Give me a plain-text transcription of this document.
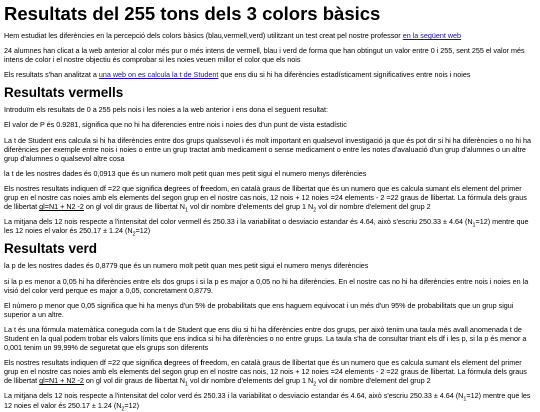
Resultats del 255 tons dels 3 colors bàsics

Hem estudiat les diferències en la percepció dels colors bàsics (blau,vermell,verd) utilitzant un test creat pel nostre professor en la següent web

24 alumnes han clicat a la web anterior al color més pur o més intens de vermell, blau i verd de forma que han obtingut un valor entre 0 i 255, sent 255 el valor més intens de color i el nostre objectiu és comprobar si les noies veuen millor el color que els nois

Els resultats s'han analitzat a una web on es calcula la t de Student que ens diu si hi ha diferències estadísticament significatives entre nois i noies

Resultats vermells

Introduïm els resultats de 0 a 255 pels nois i les noies a la web anterior i ens dona el seguent resultat:

El valor de P és 0.9281, significa que no hi ha diferencies entre nois i noies des d'un punt de vista estadístic

La t de Student ens calcula si hi ha diferències entre dos grups qualssevol i és molt important en qualsevol investigació ja que és pot dir si hi ha diferències o no hi ha diferències per exemple entre nois i noies o entre un grup tractat amb medicament o sense medicament o entre les notes d'avaluació d'un grup d'alumnes o un altre grup d'alumnes o qualsevol altre cosa

la t de les nostres dades és 0,0913 que és un numero molt petit quan mes petit sigui el numero menys diferències

Els nostres resultats indiquen df =22 que significa degrees of freedom, en català graus de llibertat que és un numero que es calcula sumant els element del primer grup en el nostre cas noies amb els elements del segon grup en el nostre cas nois, 12 nois + 12 noies =24 elements - 2 =22 graus de llibertat. La fórmula dels graus de llibertat gl=N1 + N2 -2 on gl vol dir graus de llibertat $N_1$ vol dir nombre d'elements del grup 1 $N_2$ vol dir nombre d'element del grup 2

La mitjana dels 12 nois respecte a l'intensitat del color vermell és 250.33 i la variabilitat o desviacio estandar és 4.64, això s'escriu 250.33 ± 4.64 $(N_1=12)$ mentre que les 12 noies el valor és 250.17 ± 1.24 $(N_2=12)$

Resultats verd

la p de les nostres dades és 0,8779 que és un numero molt petit quan mes petit sigui el numero menys diferències

si la p es menor a 0,05 hi ha diferències entre els dos grups i si la p es major a 0,05 no hi ha diferències. En el nostre cas no hi ha diferències entre nois i noies en la visió del color verd perque es major a 0,05, concretament 0,8779.

El número p menor que 0,05 significa que hi ha menys d'un 5% de probabilitats que ens haguem equivocat i un més d'un 95% de probabilitats que un grup sigui superior a un altre.

La t és una fórmula matemàtica coneguda com la t de Student que ens diu si hi ha diferències entre dos grups, per això tenim una taula més avall anomenada t de Student en la qual podem trobar els valors límits que ens indica si hi ha diferències o no entre grups. La taula s'ha de consultar triant els df i les p, si la p és menor a 0,001 tenim un 99,99% de seguretat que els grups son diferents

Els nostres resultats indiquen df =22 que significa degrees of freedom, en català graus de llibertat que és un numero que es calcula sumant els element del primer grup en el nostre cas noies amb els elements del segon grup en el nostre cas nois, 12 nois + 12 noies =24 elements - 2 =22 graus de llibertat. La fórmula dels graus de llibertat gl=N1 + N2 -2 on gl vol dir graus de llibertat $N_1$ vol dir nombre d'elements del grup 1 $N_2$ vol dir nombre d'element del grup 2

La mitjana dels 12 nois respecte a l'intensitat del color verd és 250.33 i la variabilitat o desviacio estandar és 4.64, això s'escriu 250.33 ± 4.64 $(N_1=12)$ mentre que les 12 noies el valor és 250.17 ± 1.24 $(N_2=12)$
